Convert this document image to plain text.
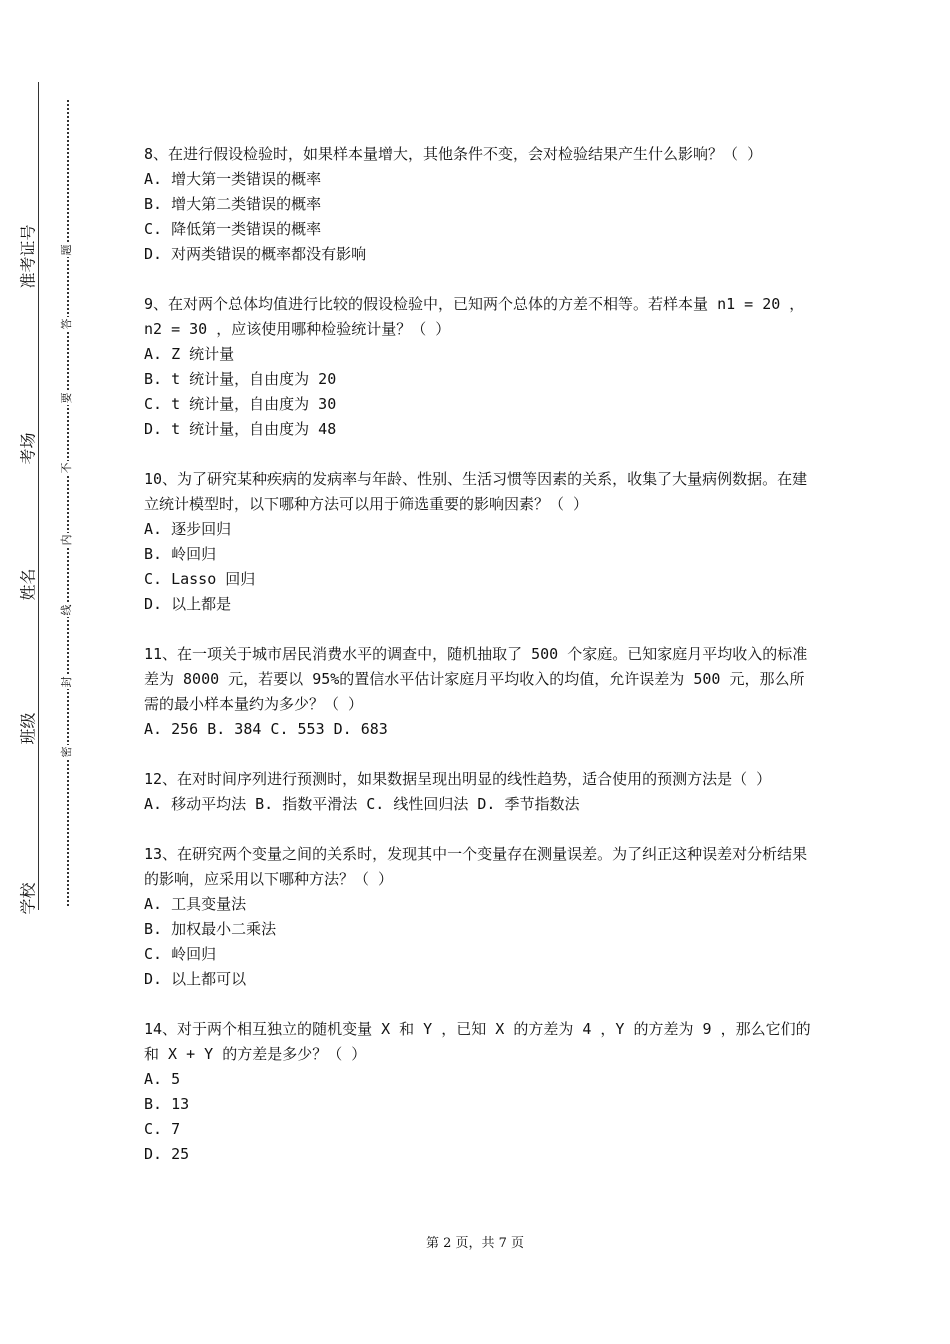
准考证号
考场
姓名
班级
学校
题
答
要
不
内
线
封
密

8、在进行假设检验时，如果样本量增大，其他条件不变，会对检验结果产生什么影响？（ ）

A. 增大第一类错误的概率

B. 增大第二类错误的概率

C. 降低第一类错误的概率

D. 对两类错误的概率都没有影响

9、在对两个总体均值进行比较的假设检验中，已知两个总体的方差不相等。若样本量 n1 = 20 ，n2 = 30 ，应该使用哪种检验统计量？（ ）

A. Z 统计量

B. t 统计量，自由度为 20

C. t 统计量，自由度为 30

D. t 统计量，自由度为 48

10、为了研究某种疾病的发病率与年龄、性别、生活习惯等因素的关系，收集了大量病例数据。在建立统计模型时，以下哪种方法可以用于筛选重要的影响因素？（ ）

A. 逐步回归

B. 岭回归

C. Lasso 回归

D. 以上都是

11、在一项关于城市居民消费水平的调查中，随机抽取了 500 个家庭。已知家庭月平均收入的标准差为 8000 元，若要以 95%的置信水平估计家庭月平均收入的均值，允许误差为 500 元，那么所需的最小样本量约为多少？（ ）

A. 256 B. 384 C. 553 D. 683

12、在对时间序列进行预测时，如果数据呈现出明显的线性趋势，适合使用的预测方法是（ ）

A. 移动平均法 B. 指数平滑法 C. 线性回归法 D. 季节指数法

13、在研究两个变量之间的关系时，发现其中一个变量存在测量误差。为了纠正这种误差对分析结果的影响，应采用以下哪种方法？（ ）

A. 工具变量法

B. 加权最小二乘法

C. 岭回归

D. 以上都可以

14、对于两个相互独立的随机变量 X 和 Y ，已知 X 的方差为 4 ，Y 的方差为 9 ，那么它们的和 X + Y 的方差是多少？（ ）

A. 5

B. 13

C. 7

D. 25

第 2 页，共 7 页
